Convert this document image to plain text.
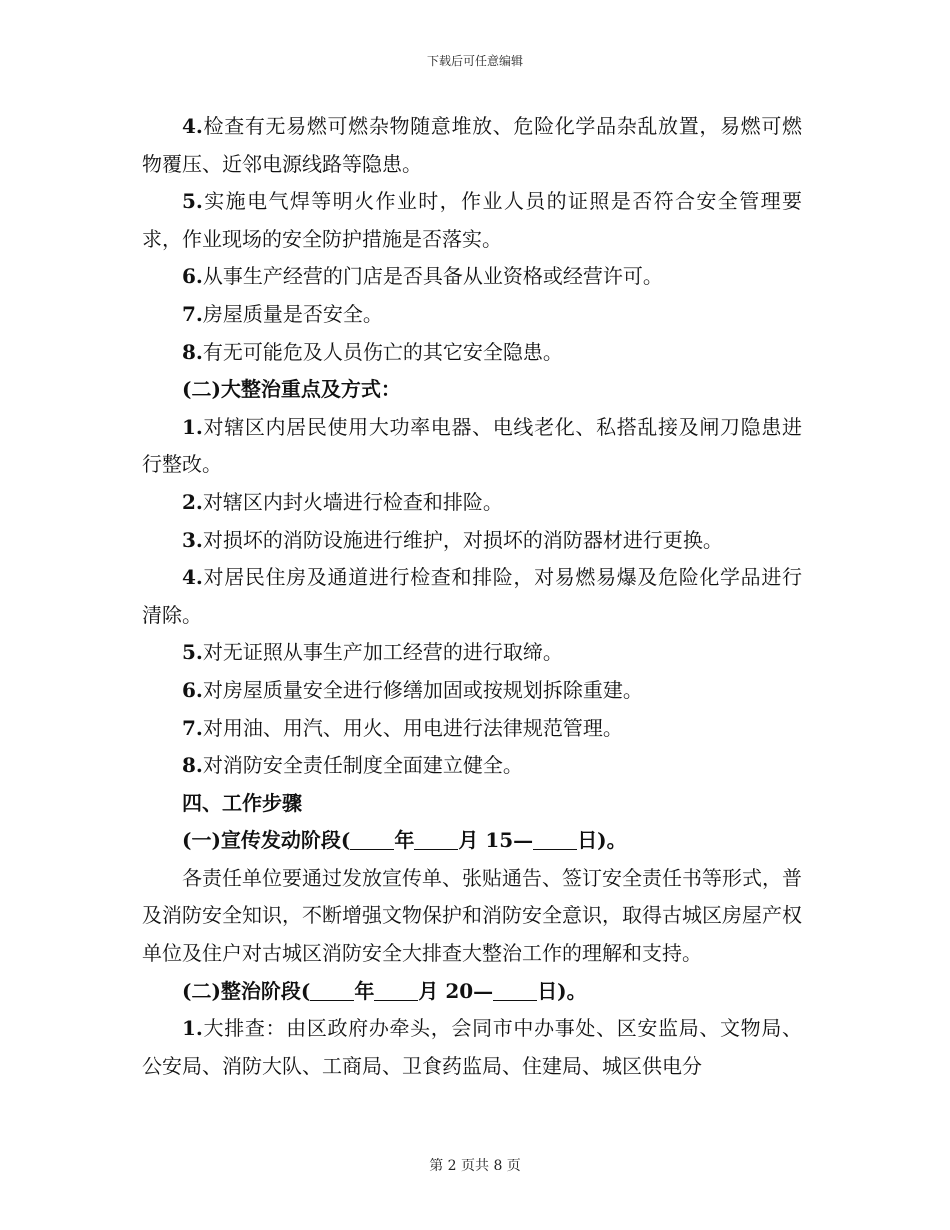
下载后可任意编辑

4.检查有无易燃可燃杂物随意堆放、危险化学品杂乱放置，易燃可燃物覆压、近邻电源线路等隐患。

5.实施电气焊等明火作业时，作业人员的证照是否符合安全管理要求，作业现场的安全防护措施是否落实。

6.从事生产经营的门店是否具备从业资格或经营许可。

7.房屋质量是否安全。

8.有无可能危及人员伤亡的其它安全隐患。

(二)大整治重点及方式：

1.对辖区内居民使用大功率电器、电线老化、私搭乱接及闸刀隐患进行整改。

2.对辖区内封火墙进行检查和排险。

3.对损坏的消防设施进行维护，对损坏的消防器材进行更换。

4.对居民住房及通道进行检查和排险，对易燃易爆及危险化学品进行清除。

5.对无证照从事生产加工经营的进行取缔。

6.对房屋质量安全进行修缮加固或按规划拆除重建。

7.对用油、用汽、用火、用电进行法律规范管理。

8.对消防安全责任制度全面建立健全。

四、工作步骤

(一)宣传发动阶段( 年 月 15— 日)。

各责任单位要通过发放宣传单、张贴通告、签订安全责任书等形式，普及消防安全知识，不断增强文物保护和消防安全意识，取得古城区房屋产权单位及住户对古城区消防安全大排查大整治工作的理解和支持。

(二)整治阶段( 年 月 20— 日)。

1.大排查：由区政府办牵头，会同市中办事处、区安监局、文物局、公安局、消防大队、工商局、卫食药监局、住建局、城区供电分

第 2 页共 8 页
